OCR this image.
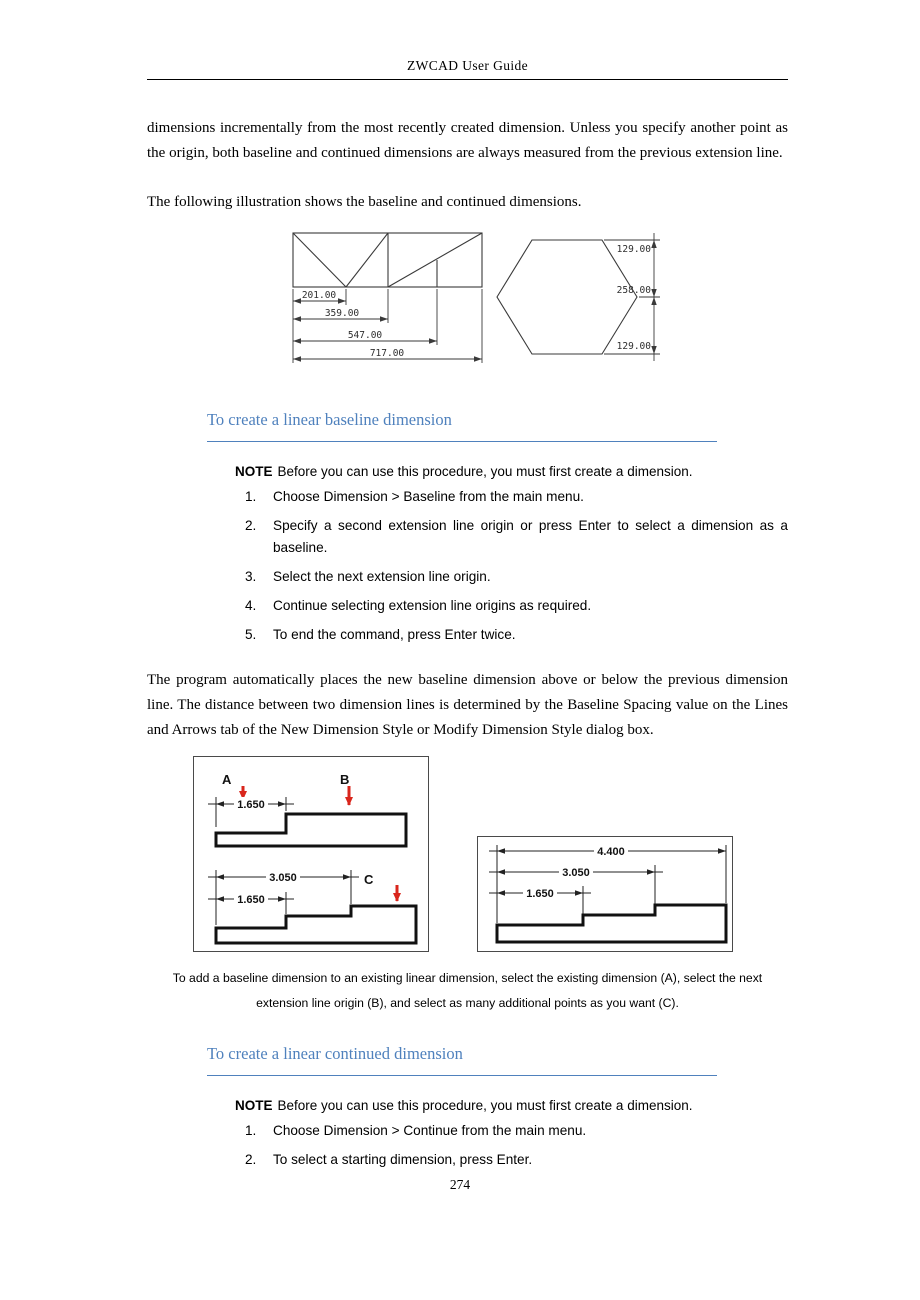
ZWCAD User Guide

dimensions incrementally from the most recently created dimension. Unless you specify another point as the origin, both baseline and continued dimensions are always measured from the previous extension line.

The following illustration shows the baseline and continued dimensions.

201.00
359.00
547.00
717.00
129.00
258.00
129.00
To create a linear baseline dimension

NOTE Before you can use this procedure, you must first create a dimension.

1.	Choose Dimension > Baseline from the main menu.
2.	Specify a second extension line origin or press Enter to select a dimension as a baseline.
3.	Select the next extension line origin.
4.	Continue selecting extension line origins as required.
5.	To end the command, press Enter twice.

The program automatically places the new baseline dimension above or below the previous dimension line. The distance between two dimension lines is determined by the Baseline Spacing value on the Lines and Arrows tab of the New Dimension Style or Modify Dimension Style dialog box.

A	B
1.650
3.050
1.650
C
4.400
3.050
1.650

To add a baseline dimension to an existing linear dimension, select the existing dimension (A), select the next extension line origin (B), and select as many additional points as you want (C).

To create a linear continued dimension

NOTE Before you can use this procedure, you must first create a dimension.

1.	Choose Dimension > Continue from the main menu.
2.	To select a starting dimension, press Enter.
274
